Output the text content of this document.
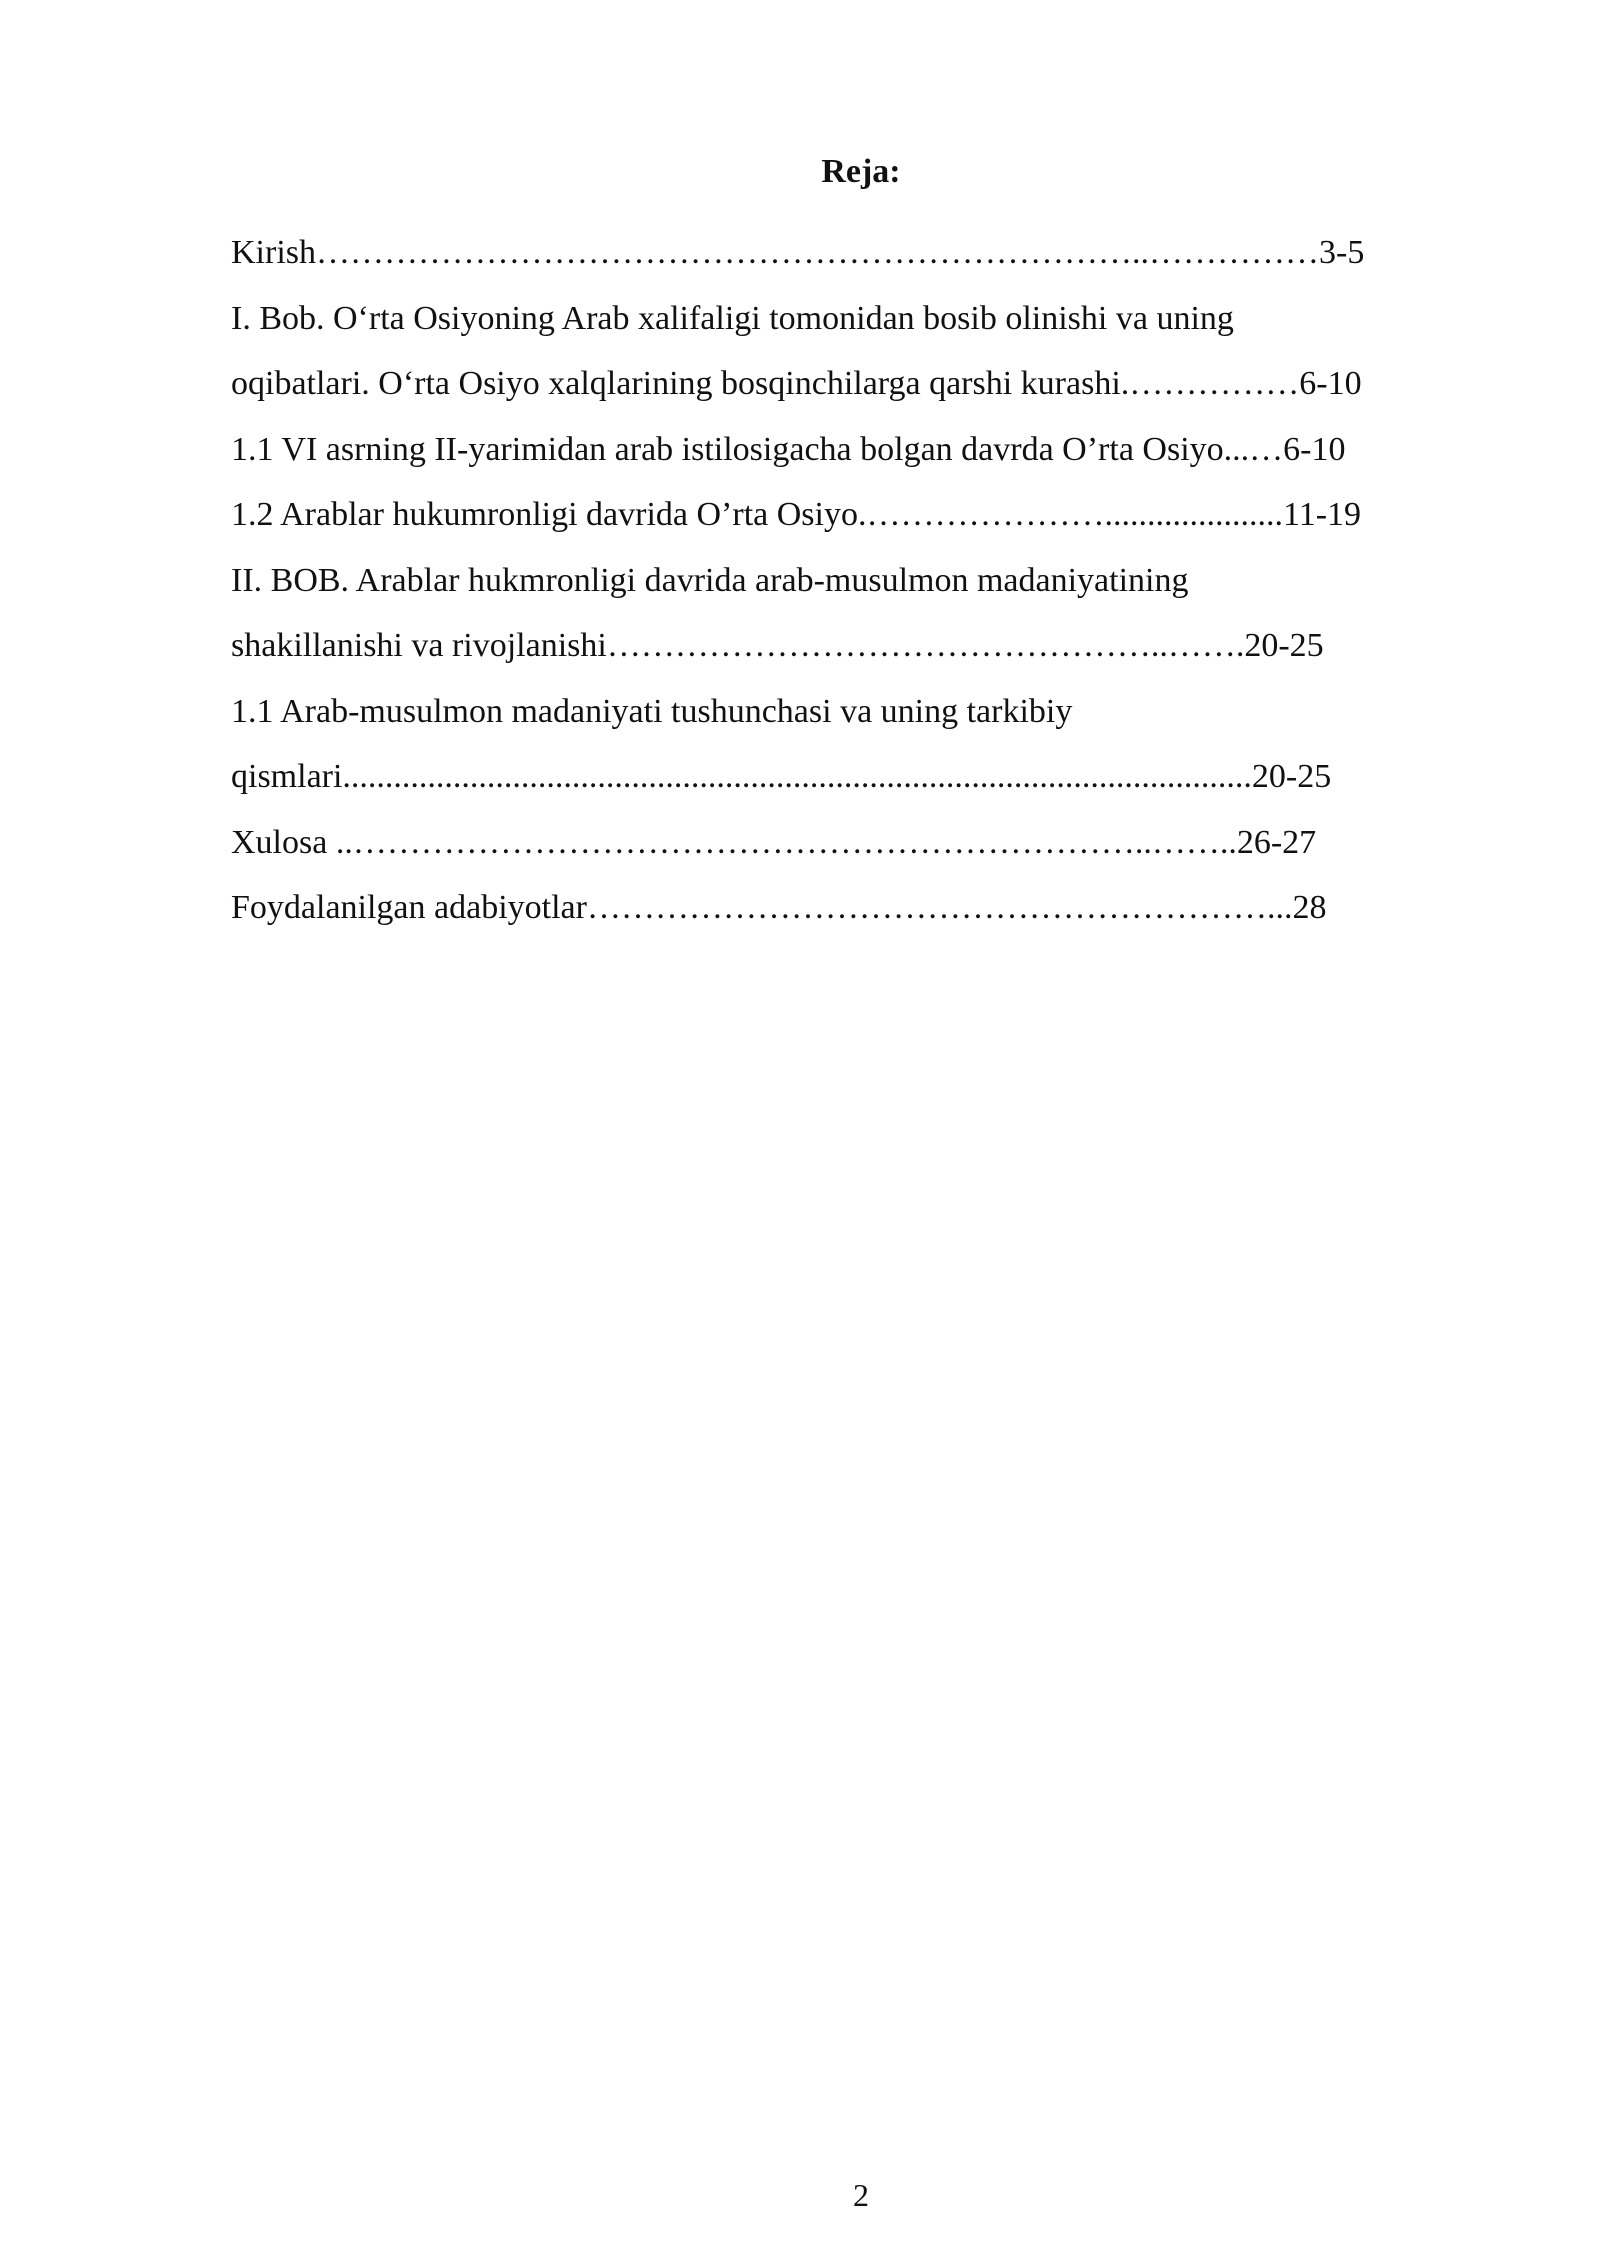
Reja:
Kirish………………………………………………………………..……………3-5
I. Bob. O‘rta Osiyoning Arab xalifaligi tomonidan bosib olinishi va uning
oqibatlari. O‘rta Osiyo xalqlarining bosqinchilarga qarshi kurashi.……………6-10
1.1 VI asrning II-yarimidan arab istilosigacha bolgan davrda O’rta Osiyo...…6-10
1.2 Arablar hukumronligi davrida O’rta Osiyo.………………….....................11-19
II. BOB. Arablar hukmronligi davrida arab-musulmon madaniyatining
shakillanishi va rivojlanishi…………………………………………..…….20-25
1.1 Arab-musulmon madaniyati tushunchasi va uning tarkibiy
qismlari...........................................................................................................20-25
Xulosa ..……………………………………………………………..……..26-27
Foydalanilgan adabiyotlar……………………………………………………...28
2
